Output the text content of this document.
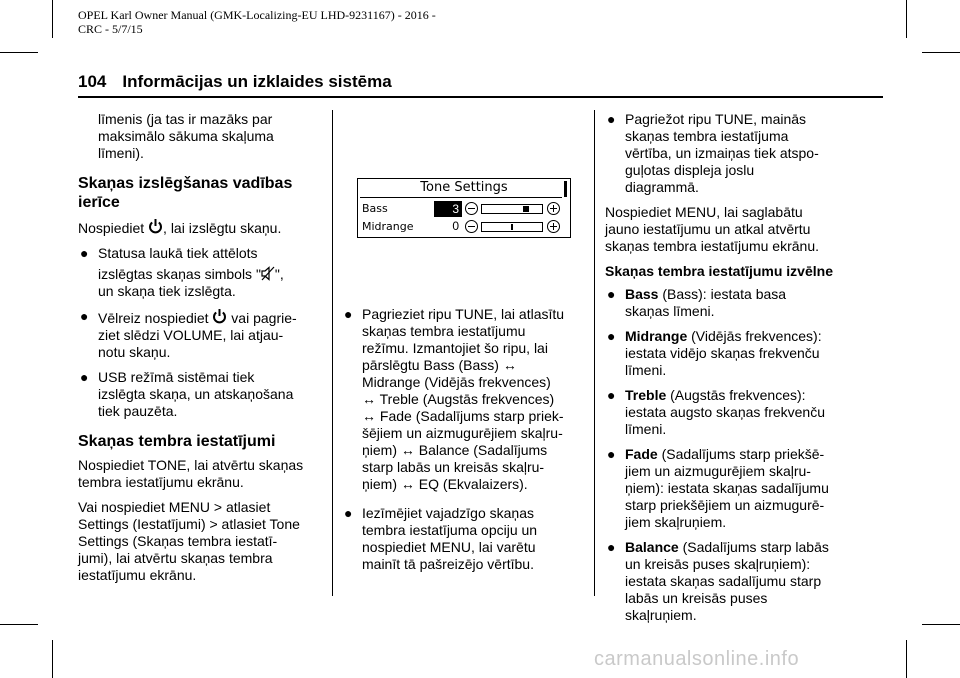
OPEL Karl Owner Manual (GMK-Localizing-EU LHD-9231167) - 2016 -
CRC - 5/7/15
104 Informācijas un izklaides sistēma
līmenis (ja tas ir mazāks par
maksimālo sākuma skaļuma
līmeni).
Skaņas izslēgšanas vadības
ierīce

Nospiediet , lai izslēgtu skaņu.

● Statusa laukā tiek attēlots
izslēgtas skaņas simbols " ",
un skaņa tiek izslēgta.
● Vēlreiz nospiediet  vai pagrie-
ziet slēdzi VOLUME, lai atjau-
notu skaņu.
● USB režīmā sistēmai tiek
izslēgta skaņa, un atskaņošana
tiek pauzēta.
Skaņas tembra iestatījumi

Nospiediet TONE, lai atvērtu skaņas
tembra iestatījumu ekrānu.

Vai nospiediet MENU > atlasiet
Settings (Iestatījumi) > atlasiet Tone
Settings (Skaņas tembra iestatī-
jumi), lai atvērtu skaņas tembra
iestatījumu ekrānu.

Tone Settings
Bass	3
Midrange	0
● Pagrieziet ripu TUNE, lai atlasītu
skaņas tembra iestatījumu
režīmu. Izmantojiet šo ripu, lai
pārslēgtu Bass (Bass) ↔
Midrange (Vidējās frekvences)
↔ Treble (Augstās frekvences)
↔ Fade (Sadalījums starp priek-
šējiem un aizmugurējiem skaļru-
ņiem) ↔ Balance (Sadalījums
starp labās un kreisās skaļru-
ņiem) ↔ EQ (Ekvalaizers).
● Iezīmējiet vajadzīgo skaņas
tembra iestatījuma opciju un
nospiediet MENU, lai varētu
mainīt tā pašreizējo vērtību.
● Pagriežot ripu TUNE, mainās
skaņas tembra iestatījuma
vērtība, un izmaiņas tiek atspo-
guļotas displeja joslu
diagrammā.

Nospiediet MENU, lai saglabātu
jauno iestatījumu un atkal atvērtu
skaņas tembra iestatījumu ekrānu.

Skaņas tembra iestatījumu izvēlne
● Bass (Bass): iestata basa
skaņas līmeni.
● Midrange (Vidējās frekvences):
iestata vidējo skaņas frekvenču
līmeni.
● Treble (Augstās frekvences):
iestata augsto skaņas frekvenču
līmeni.
● Fade (Sadalījums starp priekšē-
jiem un aizmugurējiem skaļru-
ņiem): iestata skaņas sadalījumu
starp priekšējiem un aizmugurē-
jiem skaļruņiem.
● Balance (Sadalījums starp labās
un kreisās puses skaļruņiem):
iestata skaņas sadalījumu starp
labās un kreisās puses
skaļruņiem.
carmanualsonline.info
